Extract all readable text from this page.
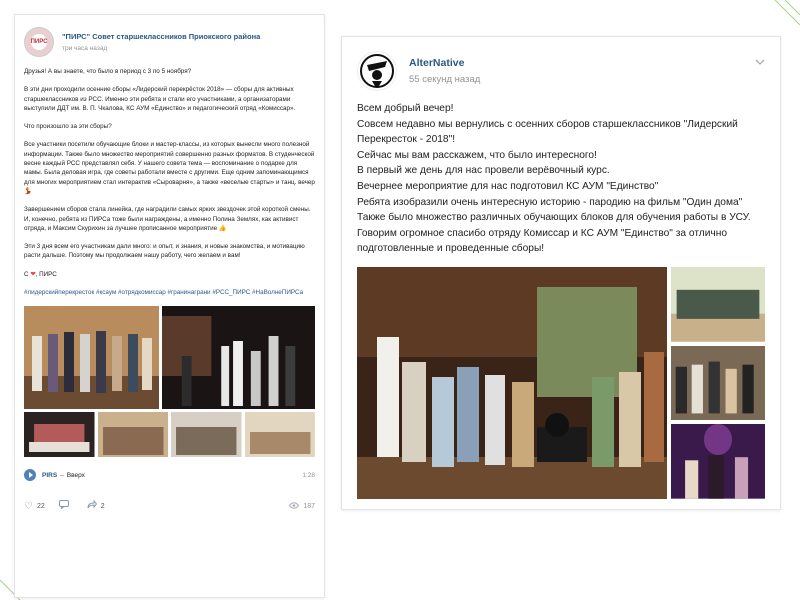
ПИРС
"ПИРС" Совет старшеклассников Приокского района
три часа назад

Друзья! А вы знаете, что было в период с 3 по 5 ноября?

В эти дни проходили осенние сборы «Лидерский перекрёсток 2018» — сборы для активных старшеклассников из РСС. Именно эти ребята и стали его участниками, а организаторами выступили ДДТ им. В. П. Чкалова, КС АУМ «Единство» и педагогический отряд «Комиссар».

Что произошло за эти сборы?

Все участники посетили обучающие блоки и мастер-классы, из которых вынесли много полезной информации. Также было множество мероприятий совершенно разных форматов. В студенческой весне каждый РСС представлял себя. У нашего совета тема — воспоминание о подарке для мамы. Была деловая игра, где советы работали вместе с другими. Еще одним запоминающимся для многих мероприятием стал интерактив «Сыроварня», а также «веселые старты» и танц. вечер 💃

Завершением сборов стала линейка, где наградили самых ярких звездочек этой короткой смены. И, конечно, ребята из ПИРСа тоже были награждены, а именно Полина Землях, как активист отряда, и Максим Скурихин за лучшее прописанное мероприятие 👍

Эти 3 дня всем его участникам дали много: и опыт, и знания, и новые знакомства, и мотивацию расти дальше. Поэтому мы продолжаем нашу работу, чего желаем и вам!

С ❤, ПИРС

#лидерскийперекресток #ксаум #отрядкомиссар #гранинаграни #РСС_ПИРС #НаВолнеПИРСа

PIRS – Вверх	1:28
♡ 22	2	187
AlterNative
55 секунд назад
Всем добрый вечер!
Совсем недавно мы вернулись с осенних сборов старшеклассников "Лидерский Перекресток - 2018"!
Сейчас мы вам расскажем, что было интересного!
В первый же день для нас провели верёвочный курс.
Вечернее мероприятие для нас подготовил КС АУМ "Единство"
Ребята изобразили очень интересную историю - пародию на фильм "Один дома"
Также было множество различных обучающих блоков для обучения работы в УСУ.
Говорим огромное спасибо отряду Комиссар и КС АУМ "Единство" за отлично подготовленные и проведенные сборы!
